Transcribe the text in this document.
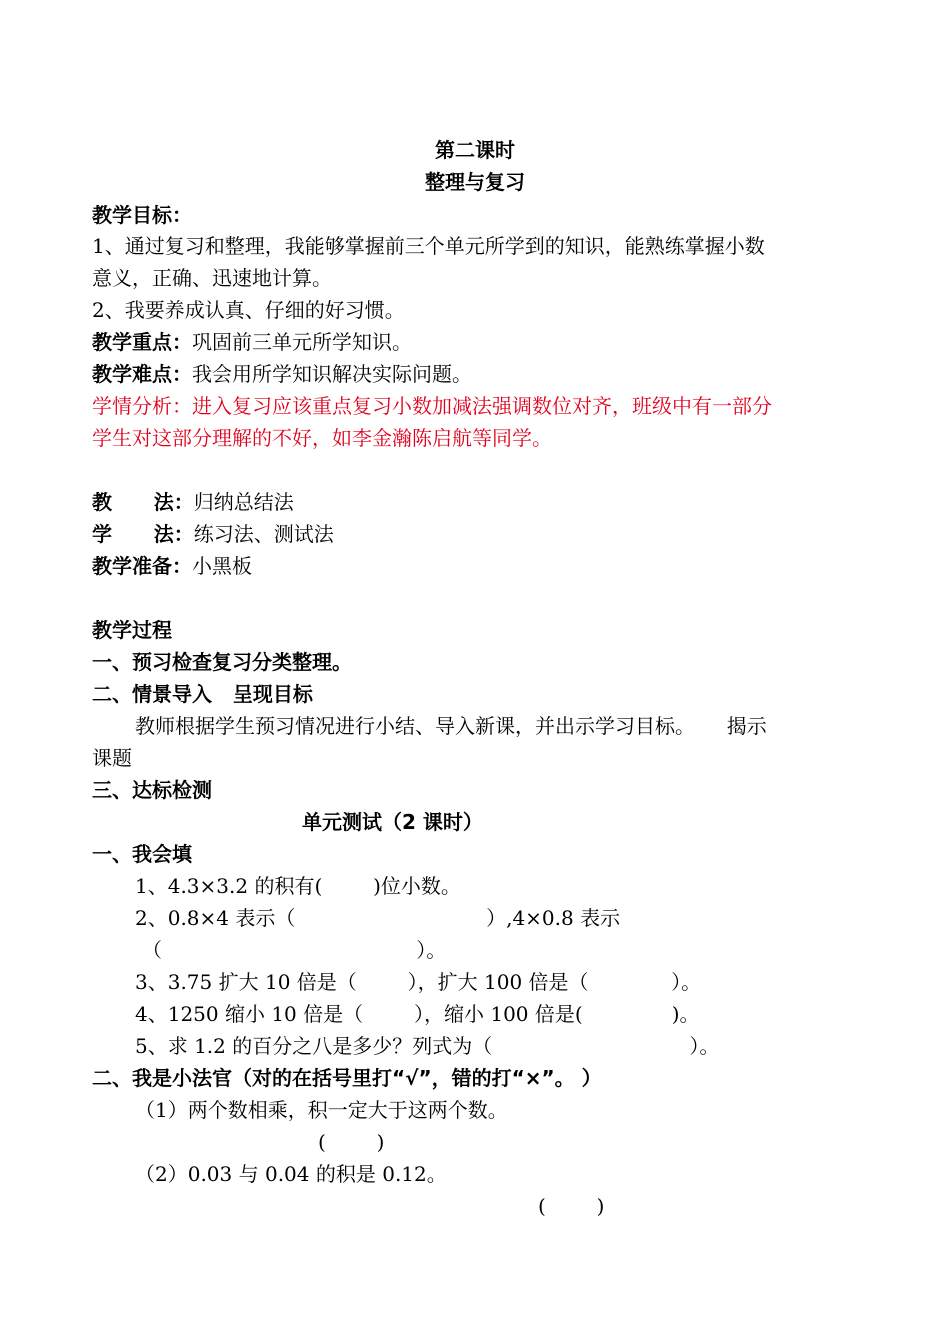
第二课时
整理与复习
教学目标：
1、通过复习和整理，我能够掌握前三个单元所学到的知识，能熟练掌握小数
意义，正确、迅速地计算。
2、我要养成认真、仔细的好习惯。
教学重点：巩固前三单元所学知识。
教学难点：我会用所学知识解决实际问题。
学情分析：进入复习应该重点复习小数加减法强调数位对齐，班级中有一部分
学生对这部分理解的不好，如李金瀚陈启航等同学。
教      法：归纳总结法
学      法：练习法、测试法
教学准备：小黑板
教学过程
一、预习检查复习分类整理。
二、情景导入   呈现目标
教师根据学生预习情况进行小结、导入新课，并出示学习目标。     揭示
课题
三、达标检测
单元测试（2 课时）
一、我会填
1、4.3×3.2 的积有(        )位小数。
2、0.8×4 表示（                              ）,4×0.8 表示
（                                        ）。
3、3.75 扩大 10 倍是（        ），扩大 100 倍是（             ）。
4、1250 缩小 10 倍是（        ），缩小 100 倍是(              )。
5、求 1.2 的百分之八是多少？列式为（                               ）。
二、我是小法官（对的在括号里打“√”，错的打“×”。 ）
（1）两个数相乘，积一定大于这两个数。
(        )
（2）0.03 与 0.04 的积是 0.12。
(        )
